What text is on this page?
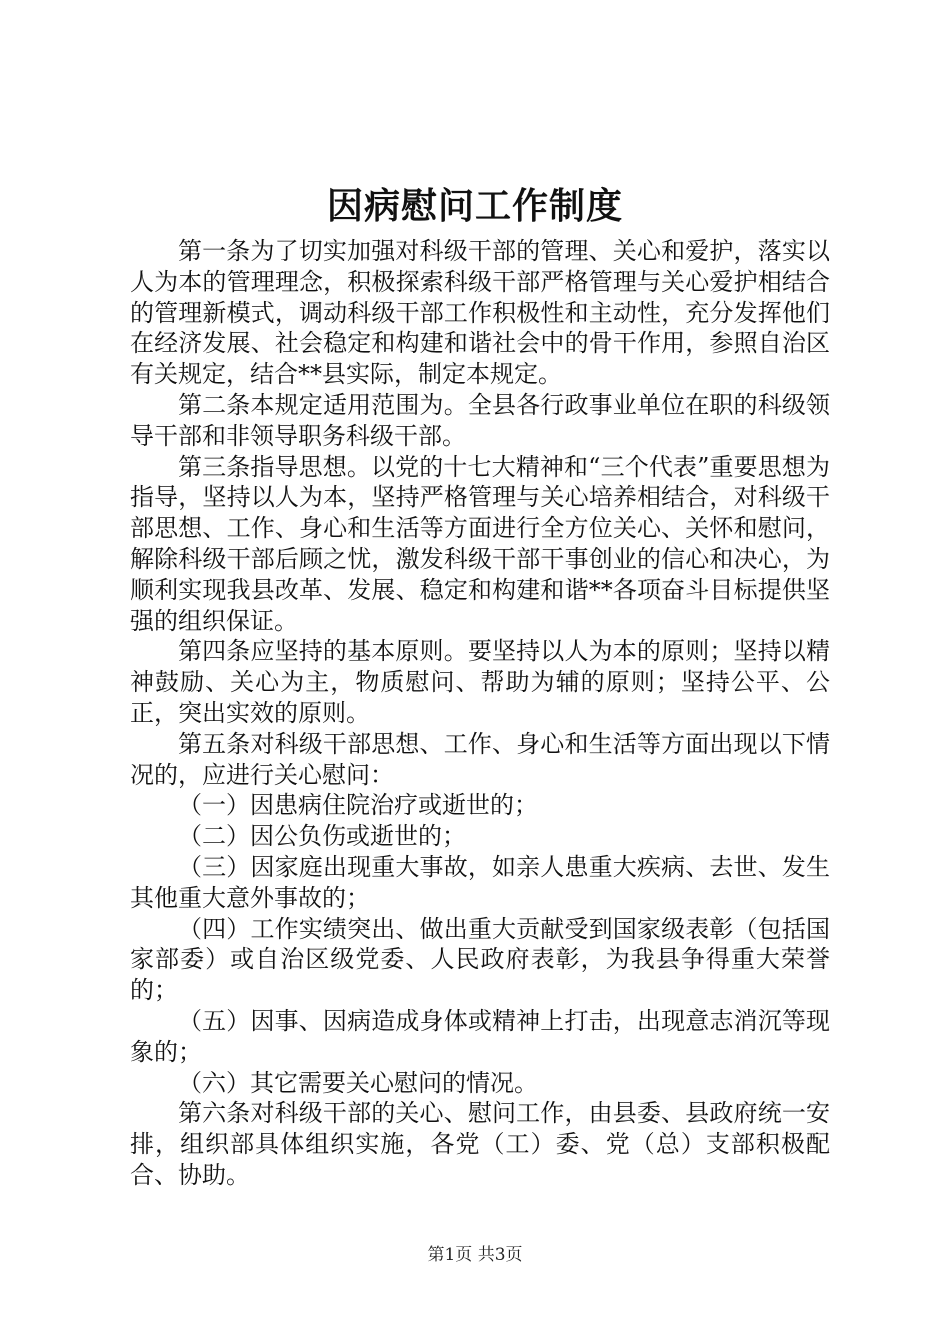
因病慰问工作制度

第一条为了切实加强对科级干部的管理、关心和爱护，落实以人为本的管理理念，积极探索科级干部严格管理与关心爱护相结合的管理新模式，调动科级干部工作积极性和主动性，充分发挥他们在经济发展、社会稳定和构建和谐社会中的骨干作用，参照自治区有关规定，结合**县实际，制定本规定。

第二条本规定适用范围为。全县各行政事业单位在职的科级领导干部和非领导职务科级干部。

第三条指导思想。以党的十七大精神和“三个代表”重要思想为指导，坚持以人为本，坚持严格管理与关心培养相结合，对科级干部思想、工作、身心和生活等方面进行全方位关心、关怀和慰问，解除科级干部后顾之忧，激发科级干部干事创业的信心和决心，为顺利实现我县改革、发展、稳定和构建和谐**各项奋斗目标提供坚强的组织保证。

第四条应坚持的基本原则。要坚持以人为本的原则；坚持以精神鼓励、关心为主，物质慰问、帮助为辅的原则；坚持公平、公正，突出实效的原则。

第五条对科级干部思想、工作、身心和生活等方面出现以下情况的，应进行关心慰问：

（一）因患病住院治疗或逝世的；

（二）因公负伤或逝世的；

（三）因家庭出现重大事故，如亲人患重大疾病、去世、发生其他重大意外事故的；

（四）工作实绩突出、做出重大贡献受到国家级表彰（包括国家部委）或自治区级党委、人民政府表彰，为我县争得重大荣誉的；

（五）因事、因病造成身体或精神上打击，出现意志消沉等现象的；

（六）其它需要关心慰问的情况。

第六条对科级干部的关心、慰问工作，由县委、县政府统一安排，组织部具体组织实施，各党（工）委、党（总）支部积极配合、协助。

第1页 共3页
